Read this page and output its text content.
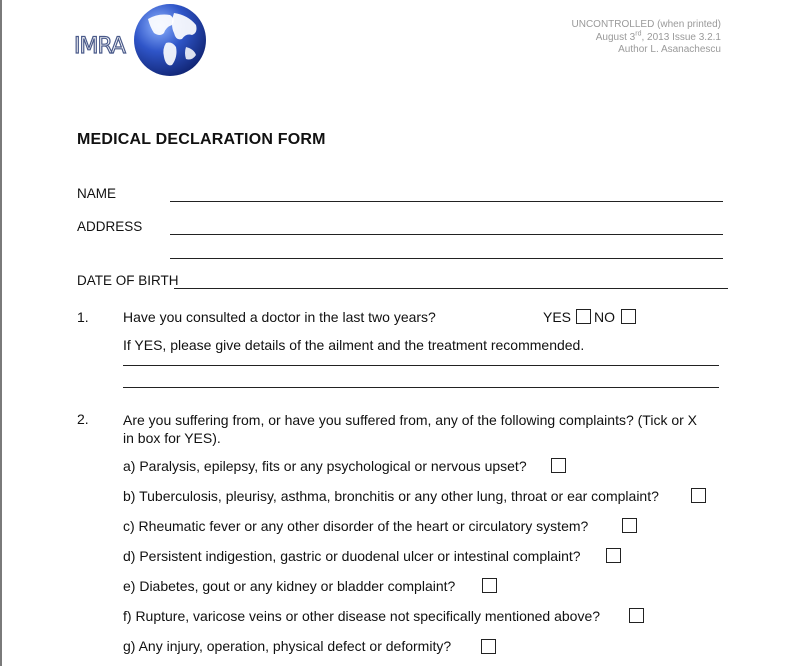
IMRA
UNCONTROLLED (when printed)
August 3rd, 2013 Issue 3.2.1
Author L. Asanachescu
MEDICAL DECLARATION FORM
NAME
ADDRESS
DATE OF BIRTH
1. Have you consulted a doctor in the last two years?	YES NO
If YES, please give details of the ailment and the treatment recommended.
2. Are you suffering from, or have you suffered from, any of the following complaints? (Tick or X
in box for YES).
a) Paralysis, epilepsy, fits or any psychological or nervous upset?
b) Tuberculosis, pleurisy, asthma, bronchitis or any other lung, throat or ear complaint?
c) Rheumatic fever or any other disorder of the heart or circulatory system?
d) Persistent indigestion, gastric or duodenal ulcer or intestinal complaint?
e) Diabetes, gout or any kidney or bladder complaint?
f) Rupture, varicose veins or other disease not specifically mentioned above?
g) Any injury, operation, physical defect or deformity?
